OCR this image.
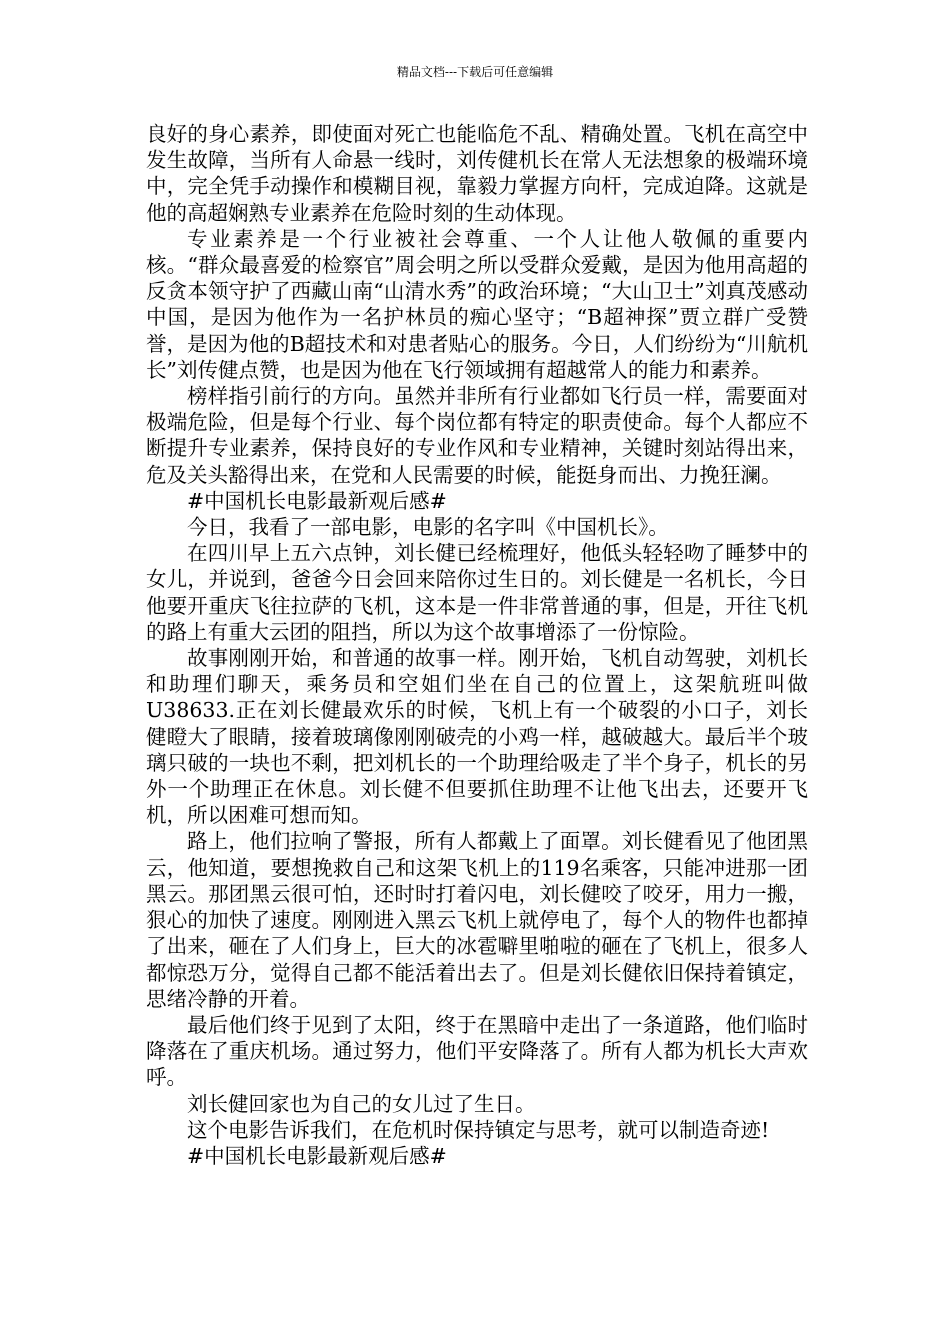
精品文档---下载后可任意编辑

良好的身心素养，即使面对死亡也能临危不乱、精确处置。飞机在高空中发生故障，当所有人命悬一线时，刘传健机长在常人无法想象的极端环境中，完全凭手动操作和模糊目视，靠毅力掌握方向杆，完成迫降。这就是他的高超娴熟专业素养在危险时刻的生动体现。

专业素养是一个行业被社会尊重、一个人让他人敬佩的重要内核。“群众最喜爱的检察官”周会明之所以受群众爱戴，是因为他用高超的反贪本领守护了西藏山南“山清水秀”的政治环境；“大山卫士”刘真茂感动中国，是因为他作为一名护林员的痴心坚守；“B超神探”贾立群广受赞誉，是因为他的B超技术和对患者贴心的服务。今日，人们纷纷为“川航机长”刘传健点赞，也是因为他在飞行领域拥有超越常人的能力和素养。

榜样指引前行的方向。虽然并非所有行业都如飞行员一样，需要面对极端危险，但是每个行业、每个岗位都有特定的职责使命。每个人都应不断提升专业素养，保持良好的专业作风和专业精神，关键时刻站得出来，危及关头豁得出来，在党和人民需要的时候，能挺身而出、力挽狂澜。

#中国机长电影最新观后感#

今日，我看了一部电影，电影的名字叫《中国机长》。

在四川早上五六点钟，刘长健已经梳理好，他低头轻轻吻了睡梦中的女儿，并说到，爸爸今日会回来陪你过生日的。刘长健是一名机长，今日他要开重庆飞往拉萨的飞机，这本是一件非常普通的事，但是，开往飞机的路上有重大云团的阻挡，所以为这个故事增添了一份惊险。

故事刚刚开始，和普通的故事一样。刚开始，飞机自动驾驶，刘机长和助理们聊天，乘务员和空姐们坐在自己的位置上，这架航班叫做U38633.正在刘长健最欢乐的时候，飞机上有一个破裂的小口子，刘长健瞪大了眼睛，接着玻璃像刚刚破壳的小鸡一样，越破越大。最后半个玻璃只破的一块也不剩，把刘机长的一个助理给吸走了半个身子，机长的另外一个助理正在休息。刘长健不但要抓住助理不让他飞出去，还要开飞机，所以困难可想而知。

路上，他们拉响了警报，所有人都戴上了面罩。刘长健看见了他团黑云，他知道，要想挽救自己和这架飞机上的119名乘客，只能冲进那一团黑云。那团黑云很可怕，还时时打着闪电，刘长健咬了咬牙，用力一搬，狠心的加快了速度。刚刚进入黑云飞机上就停电了，每个人的物件也都掉了出来，砸在了人们身上，巨大的冰雹噼里啪啦的砸在了飞机上，很多人都惊恐万分，觉得自己都不能活着出去了。但是刘长健依旧保持着镇定，思绪冷静的开着。

最后他们终于见到了太阳，终于在黑暗中走出了一条道路，他们临时降落在了重庆机场。通过努力，他们平安降落了。所有人都为机长大声欢呼。

刘长健回家也为自己的女儿过了生日。

这个电影告诉我们，在危机时保持镇定与思考，就可以制造奇迹!

#中国机长电影最新观后感#
